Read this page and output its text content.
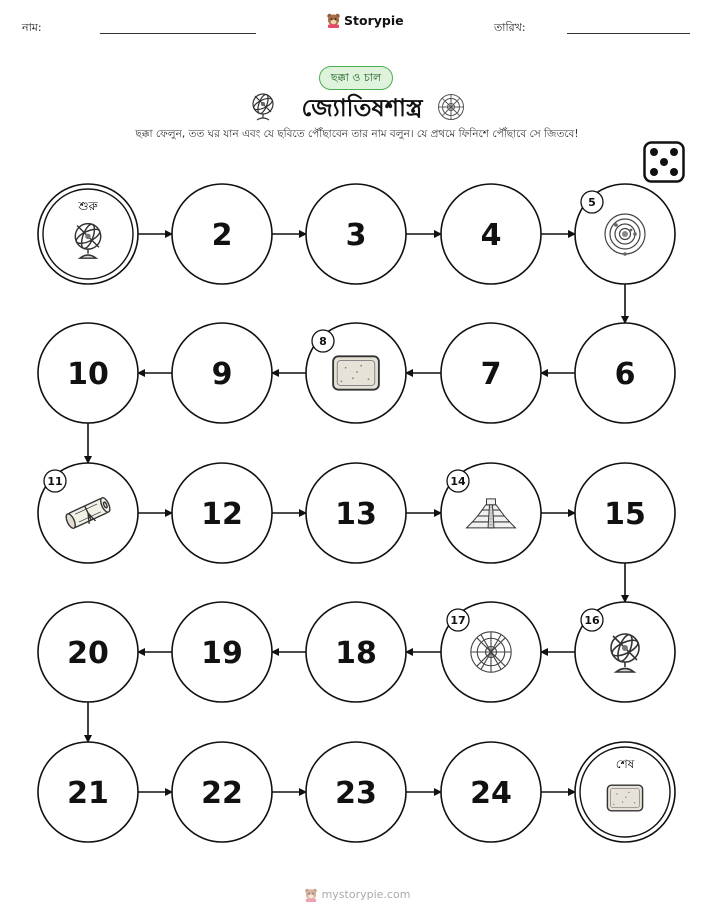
নাম:	Storypie	তারিখ:
ছক্কা ও চাল
জ্যোতিষশাস্ত্র
ছক্কা ফেলুন, তত ঘর যান এবং যে ছবিতে পৌঁছাবেন তার নাম বলুন। যে প্রথমে ফিনিশে পৌঁছাবে সে জিতবে!
শুরু
2	3	4
5
6
7
8
9
10
11
12	13
14
15
16
17
18
19
20
21	22	23	24
শেষ
mystorypie.com
